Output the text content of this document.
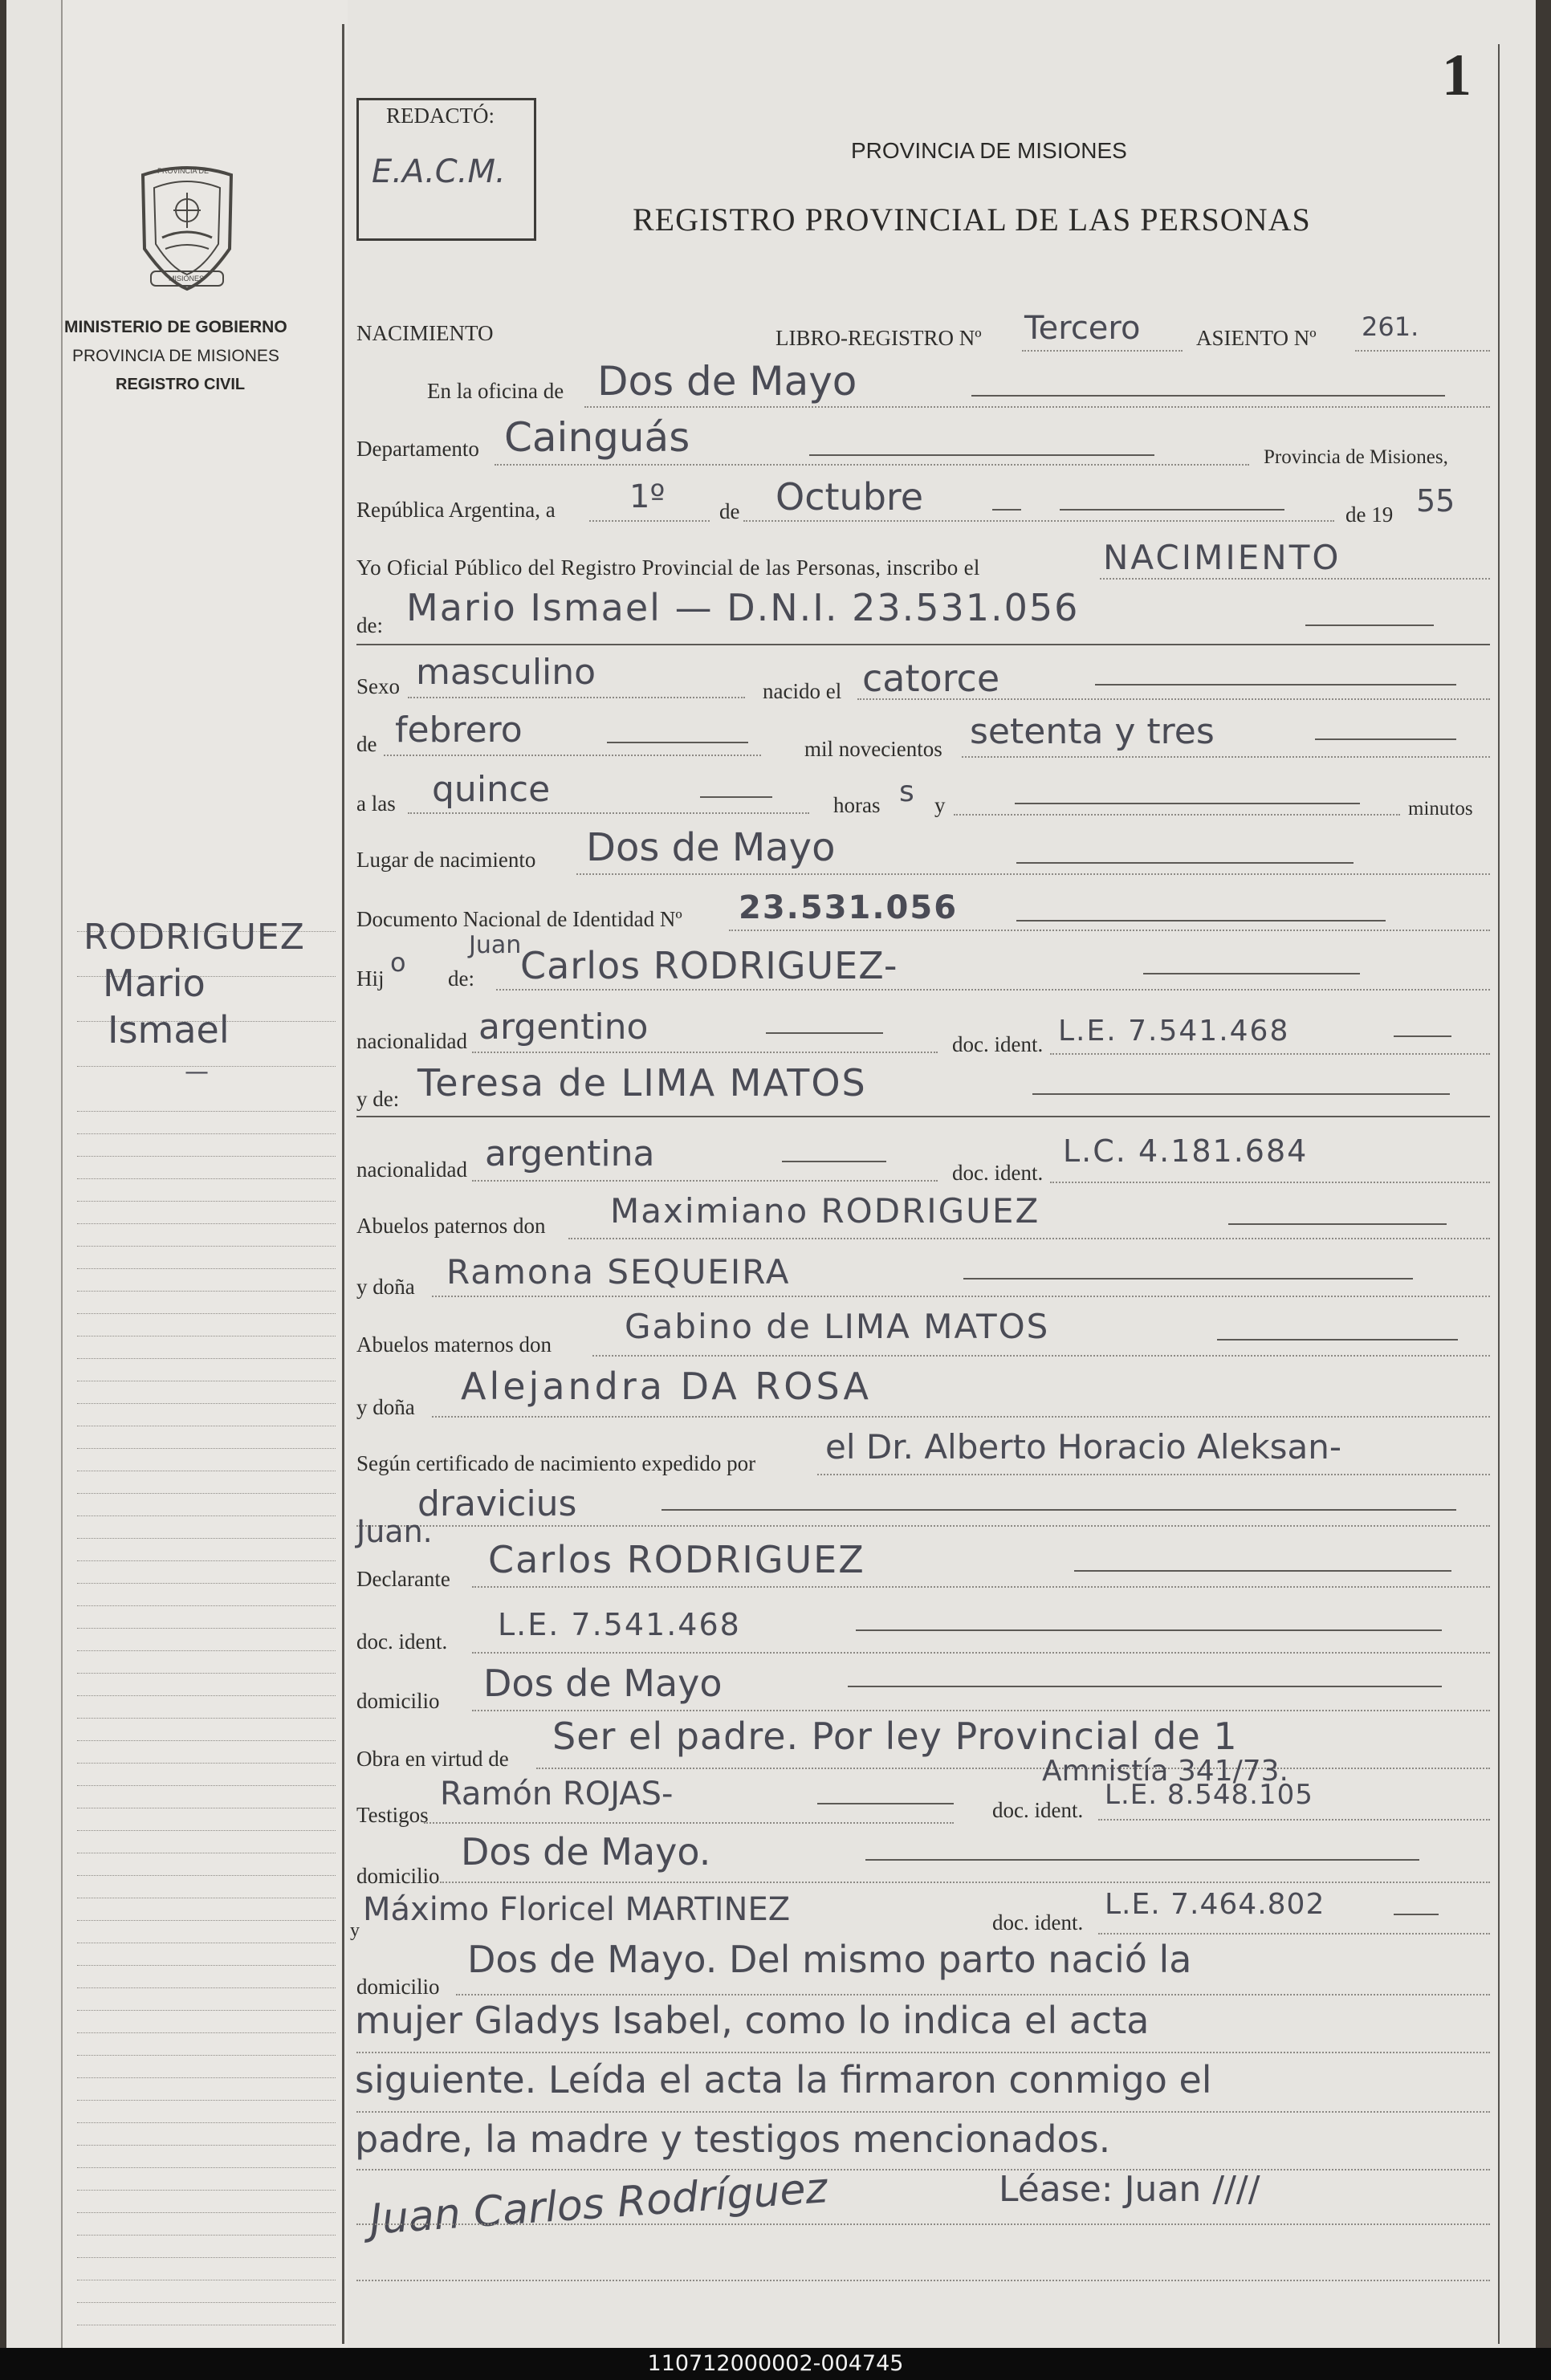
PROVINCIA DE
MISIONES
MINISTERIO DE GOBIERNO
PROVINCIA DE MISIONES
REGISTRO CIVIL
RODRIGUEZ
Mario
Ismael
—
1
REDACTÓ:
E.A.C.M.
PROVINCIA DE MISIONES
REGISTRO PROVINCIAL DE LAS PERSONAS
NACIMIENTO	LIBRO-REGISTRO Nº Tercero	ASIENTO Nº 261.
En la oficina de Dos de Mayo
Departamento Cainguás	Provincia de Misiones,
República Argentina, a 1º	de Octubre	de 19 55
Yo Oficial Público del Registro Provincial de las Personas, inscribo el	NACIMIENTO
de: Mario Ismael — D.N.I. 23.531.056
Sexo masculino	nacido el catorce
de febrero	mil novecientos setenta y tres
a las quince	horas s y	minutos
Lugar de nacimiento Dos de Mayo
Documento Nacional de Identidad Nº 23.531.056
Hij
o
Juan
de: Carlos RODRIGUEZ-
nacionalidad argentino	doc. ident. L.E. 7.541.468
y de: Teresa de LIMA MATOS
nacionalidad argentina	doc. ident.
L.C. 4.181.684
Abuelos paternos don Maximiano RODRIGUEZ
y doña Ramona SEQUEIRA
Abuelos maternos don Gabino de LIMA MATOS
y doña Alejandra DA ROSA
Según certificado de nacimiento expedido por el Dr. Alberto Horacio Aleksan-
dravicius
Juan.
Declarante Carlos RODRIGUEZ
doc. ident. L.E. 7.541.468
domicilio Dos de Mayo
Obra en virtud de
Ser el padre. Por ley Provincial de 1
Amnistía 341/73.
Testigos
Ramón ROJAS-	doc. ident. L.E. 8.548.105
domicilio
Dos de Mayo.
y
Máximo Floricel MARTINEZ	doc. ident.
L.E. 7.464.802
domicilio
Dos de Mayo. Del mismo parto nació la
mujer Gladys Isabel, como lo indica el acta
siguiente. Leída el acta la firmaron conmigo el
padre, la madre y testigos mencionados.
Juan Carlos Rodríguez	Léase: Juan ////
110712000002-004745
